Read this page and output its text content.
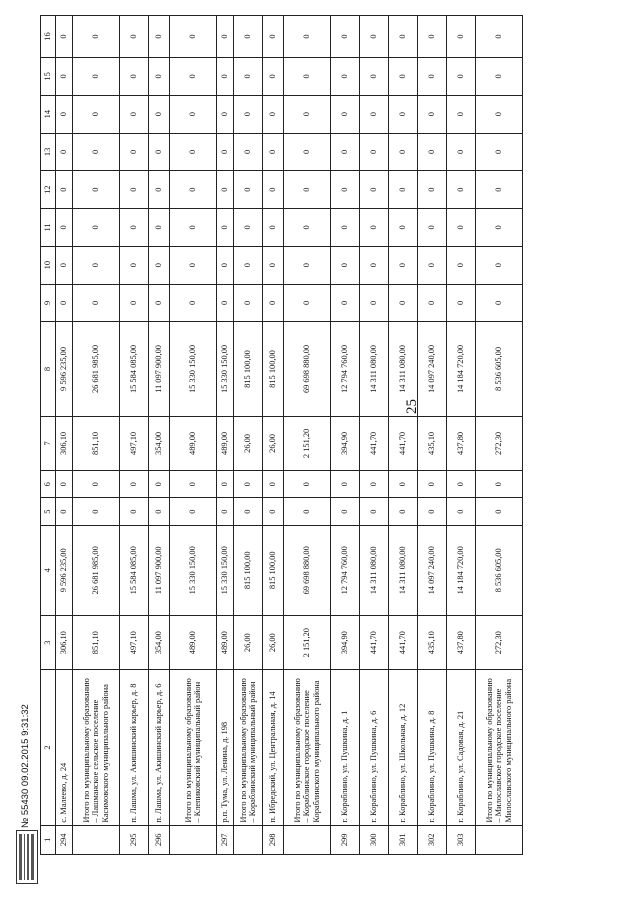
25
1	2	3	4	5	6	7	8	9	10	11	12	13	14	15	16
294	с. Малеево, д. 24	306,10	9 596 235,00	0	0	306,10	9 596 235,00	0	0	0	0	0	0	0	0
	Итого по муниципальному образованию – Лашманское сельское поселение Касимовского муниципального района	851,10	26 681 985,00	0	0	851,10	26 681 985,00	0	0	0	0	0	0	0	0
295	п. Лашма, ул. Акишинский карьер, д. 8	497,10	15 584 085,00	0	0	497,10	15 584 085,00	0	0	0	0	0	0	0	0
296	п. Лашма, ул. Акишинский карьер, д. 6	354,00	11 097 900,00	0	0	354,00	11 097 900,00	0	0	0	0	0	0	0	0
	Итого по муниципальному образованию – Клепиковский муниципальный район	489,00	15 330 150,00	0	0	489,00	15 330 150,00	0	0	0	0	0	0	0	0
297	р.п. Тума, ул. Ленина, д. 198	489,00	15 330 150,00	0	0	489,00	15 330 150,00	0	0	0	0	0	0	0	0
	Итого по муниципальному образованию – Кораблинский муниципальный район	26,00	815 100,00	0	0	26,00	815 100,00	0	0	0	0	0	0	0	0
298	п. Ибредский, ул. Центральная, д. 14	26,00	815 100,00	0	0	26,00	815 100,00	0	0	0	0	0	0	0	0
	Итого по муниципальному образованию – Кораблинское городское поселение Кораблинского муниципального района	2 151,20	69 698 880,00	0	0	2 151,20	69 698 880,00	0	0	0	0	0	0	0	0
299	г. Кораблино, ул. Пушкина, д. 1	394,90	12 794 760,00	0	0	394,90	12 794 760,00	0	0	0	0	0	0	0	0
300	г. Кораблино, ул. Пушкина, д. 6	441,70	14 311 080,00	0	0	441,70	14 311 080,00	0	0	0	0	0	0	0	0
301	г. Кораблино, ул. Школьная, д. 12	441,70	14 311 080,00	0	0	441,70	14 311 080,00	0	0	0	0	0	0	0	0
302	г. Кораблино, ул. Пушкина, д. 8	435,10	14 097 240,00	0	0	435,10	14 097 240,00	0	0	0	0	0	0	0	0
303	г. Кораблино, ул. Садовая, д. 21	437,80	14 184 720,00	0	0	437,80	14 184 720,00	0	0	0	0	0	0	0	0
	Итого по муниципальному образованию – Милославское городское поселение Милославского муниципального района	272,30	8 536 605,00	0	0	272,30	8 536 605,00	0	0	0	0	0	0	0	0
№ 55430 09.02.2015 9:31:32
